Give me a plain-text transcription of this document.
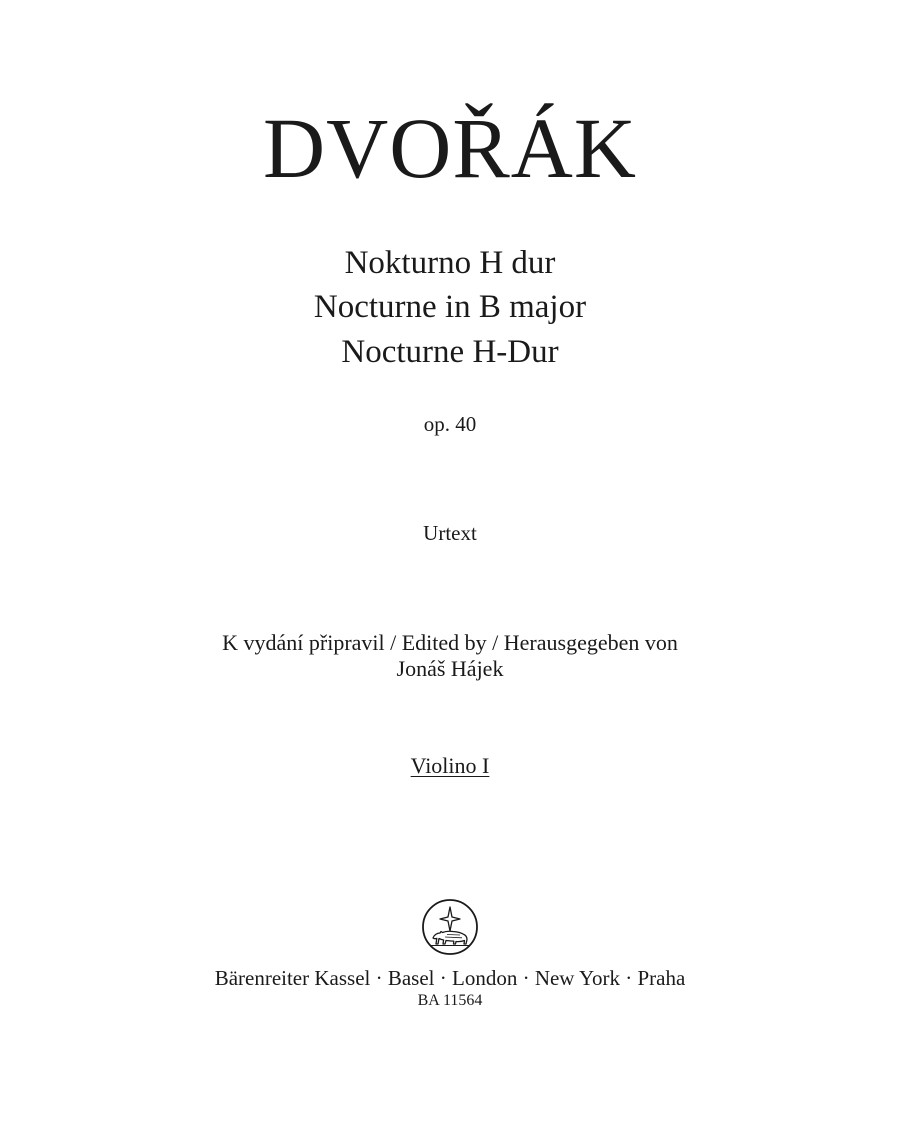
DVOŘÁK
Nokturno H dur
Nocturne in B major
Nocturne H-Dur
op. 40
Urtext
K vydání připravil / Edited by / Herausgegeben von
Jonáš Hájek
Violino I
Bärenreiter Kassel · Basel · London · New York · Praha
BA 11564
